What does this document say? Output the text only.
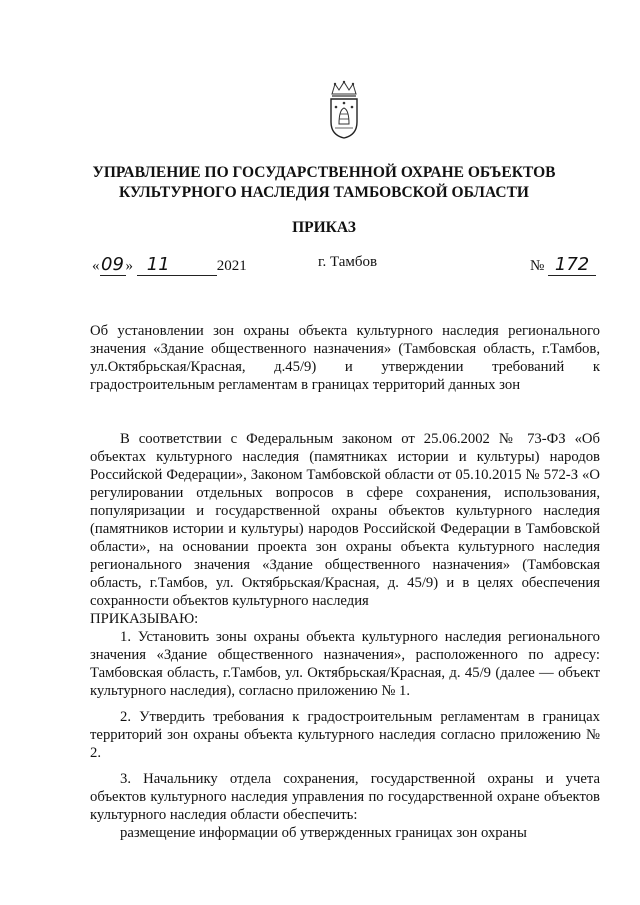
УПРАВЛЕНИЕ ПО ГОСУДАРСТВЕННОЙ ОХРАНЕ ОБЪЕКТОВ
КУЛЬТУРНОГО НАСЛЕДИЯ ТАМБОВСКОЙ ОБЛАСТИ
ПРИКАЗ
«09 » 11	2021	г. Тамбов	№ 172
Об установлении зон охраны объекта культурного наследия регионального значения «Здание общественного назначения» (Тамбовская область, г.Тамбов, ул.Октябрьская/Красная, д.45/9) и утверждении требований к градостроительным регламентам в границах территорий данных зон

В соответствии с Федеральным законом от 25.06.2002 № 73-ФЗ «Об объектах культурного наследия (памятниках истории и культуры) народов Российской Федерации», Законом Тамбовской области от 05.10.2015 № 572-З «О регулировании отдельных вопросов в сфере сохранения, использования, популяризации и государственной охраны объектов культурного наследия (памятников истории и культуры) народов Российской Федерации в Тамбовской области», на основании проекта зон охраны объекта культурного наследия регионального значения «Здание общественного назначения» (Тамбовская область, г.Тамбов, ул. Октябрьская/Красная, д. 45/9) и в целях обеспечения сохранности объектов культурного наследия

ПРИКАЗЫВАЮ:

1. Установить зоны охраны объекта культурного наследия регионального значения «Здание общественного назначения», расположенного по адресу: Тамбовская область, г.Тамбов, ул. Октябрьская/Красная, д. 45/9 (далее — объект культурного наследия), согласно приложению № 1.

2. Утвердить требования к градостроительным регламентам в границах территорий зон охраны объекта культурного наследия согласно приложению № 2.

3. Начальнику отдела сохранения, государственной охраны и учета объектов культурного наследия управления по государственной охране объектов культурного наследия области обеспечить:

размещение информации об утвержденных границах зон охраны
